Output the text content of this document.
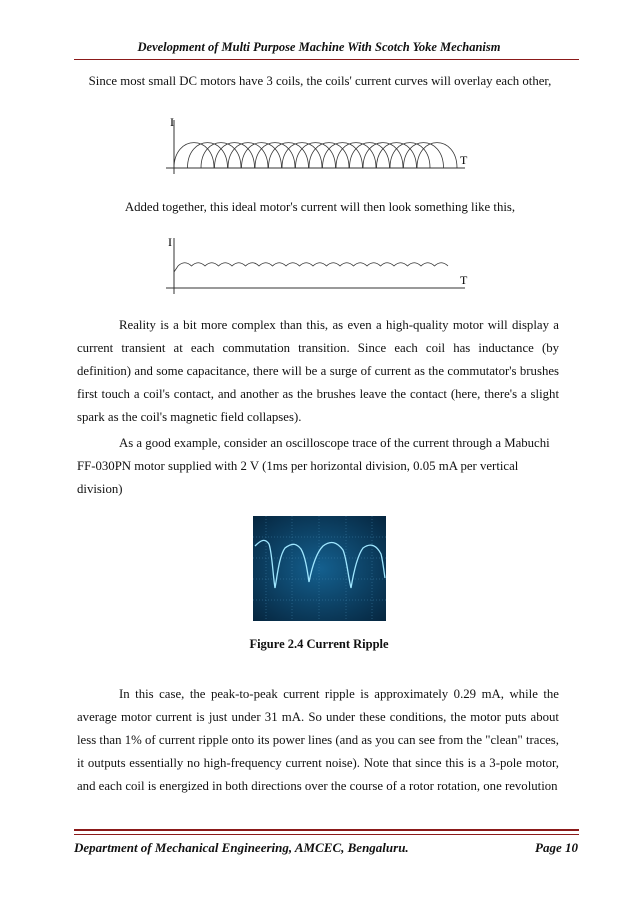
Development of Multi Purpose Machine With Scotch Yoke Mechanism
Since most small DC motors have 3 coils, the coils' current curves will overlay each other,
I
T
Added together, this ideal motor's current will then look something like this,
I
T
Reality is a bit more complex than this, as even a high-quality motor will display a current transient at each commutation transition. Since each coil has inductance (by definition) and some capacitance, there will be a surge of current as the commutator's brushes first touch a coil's contact, and another as the brushes leave the contact (here, there's a slight spark as the coil's magnetic field collapses).
As a good example, consider an oscilloscope trace of the current through a Mabuchi FF-030PN motor supplied with 2 V (1ms per horizontal division, 0.05 mA per vertical division)
Figure 2.4 Current Ripple
In this case, the peak-to-peak current ripple is approximately 0.29 mA, while the average motor current is just under 31 mA. So under these conditions, the motor puts about less than 1% of current ripple onto its power lines (and as you can see from the "clean" traces, it outputs essentially no high-frequency current noise). Note that since this is a 3-pole motor, and each coil is energized in both directions over the course of a rotor rotation, one revolution
Department of Mechanical Engineering, AMCEC, Bengaluru.	Page 10
